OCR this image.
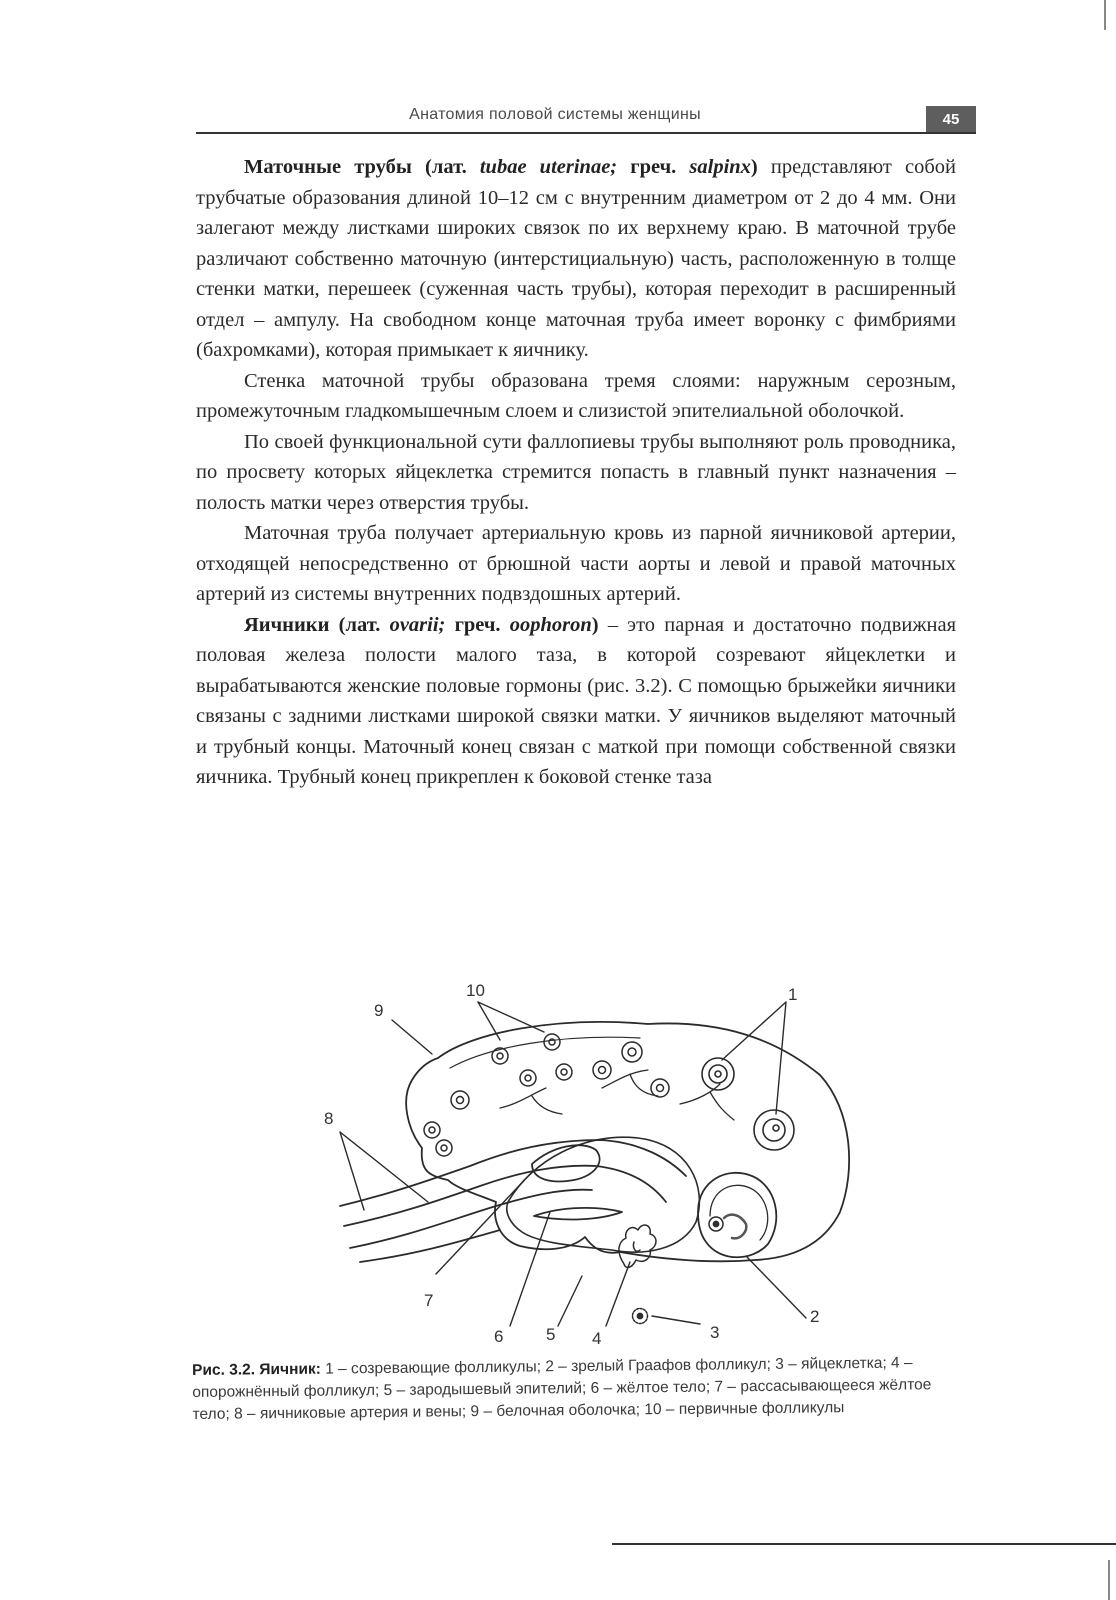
Анатомия половой системы женщины	45

Маточные трубы (лат. tubae uterinae; греч. salpinx) представляют собой трубчатые образования длиной 10–12 см с внутренним диаметром от 2 до 4 мм. Они залегают между листками широких связок по их верхнему краю. В маточной трубе различают собственно маточную (интерстициальную) часть, расположенную в толще стенки матки, перешеек (суженная часть трубы), которая переходит в расширенный отдел – ампулу. На свободном конце маточная труба имеет воронку с фимбриями (бахромками), которая примыкает к яичнику.

Стенка маточной трубы образована тремя слоями: наружным серозным, промежуточным гладкомышечным слоем и слизистой эпителиальной оболочкой.

По своей функциональной сути фаллопиевы трубы выполняют роль проводника, по просвету которых яйцеклетка стремится попасть в главный пункт назначения – полость матки через отверстия трубы.

Маточная труба получает артериальную кровь из парной яичниковой артерии, отходящей непосредственно от брюшной части аорты и левой и правой маточных артерий из системы внутренних подвздошных артерий.

Яичники (лат. ovarii; греч. oophoron) – это парная и достаточно подвижная половая железа полости малого таза, в которой созревают яйцеклетки и вырабатываются женские половые гормоны (рис. 3.2). С помощью брыжейки яичники связаны с задними листками широкой связки матки. У яичников выделяют маточный и трубный концы. Маточный конец связан с маткой при помощи собственной связки яичника. Трубный конец прикреплен к боковой стенке таза

10	1
9
8
7
6	5 4	3
2
Рис. 3.2. Яичник: 1 – созревающие фолликулы; 2 – зрелый Граафов фолликул; 3 – яйцеклетка; 4 – опорожнённый фолликул; 5 – зародышевый эпителий; 6 – жёлтое тело; 7 – рассасывающееся жёлтое тело; 8 – яичниковые артерия и вены; 9 – белочная оболочка; 10 – первичные фолликулы
